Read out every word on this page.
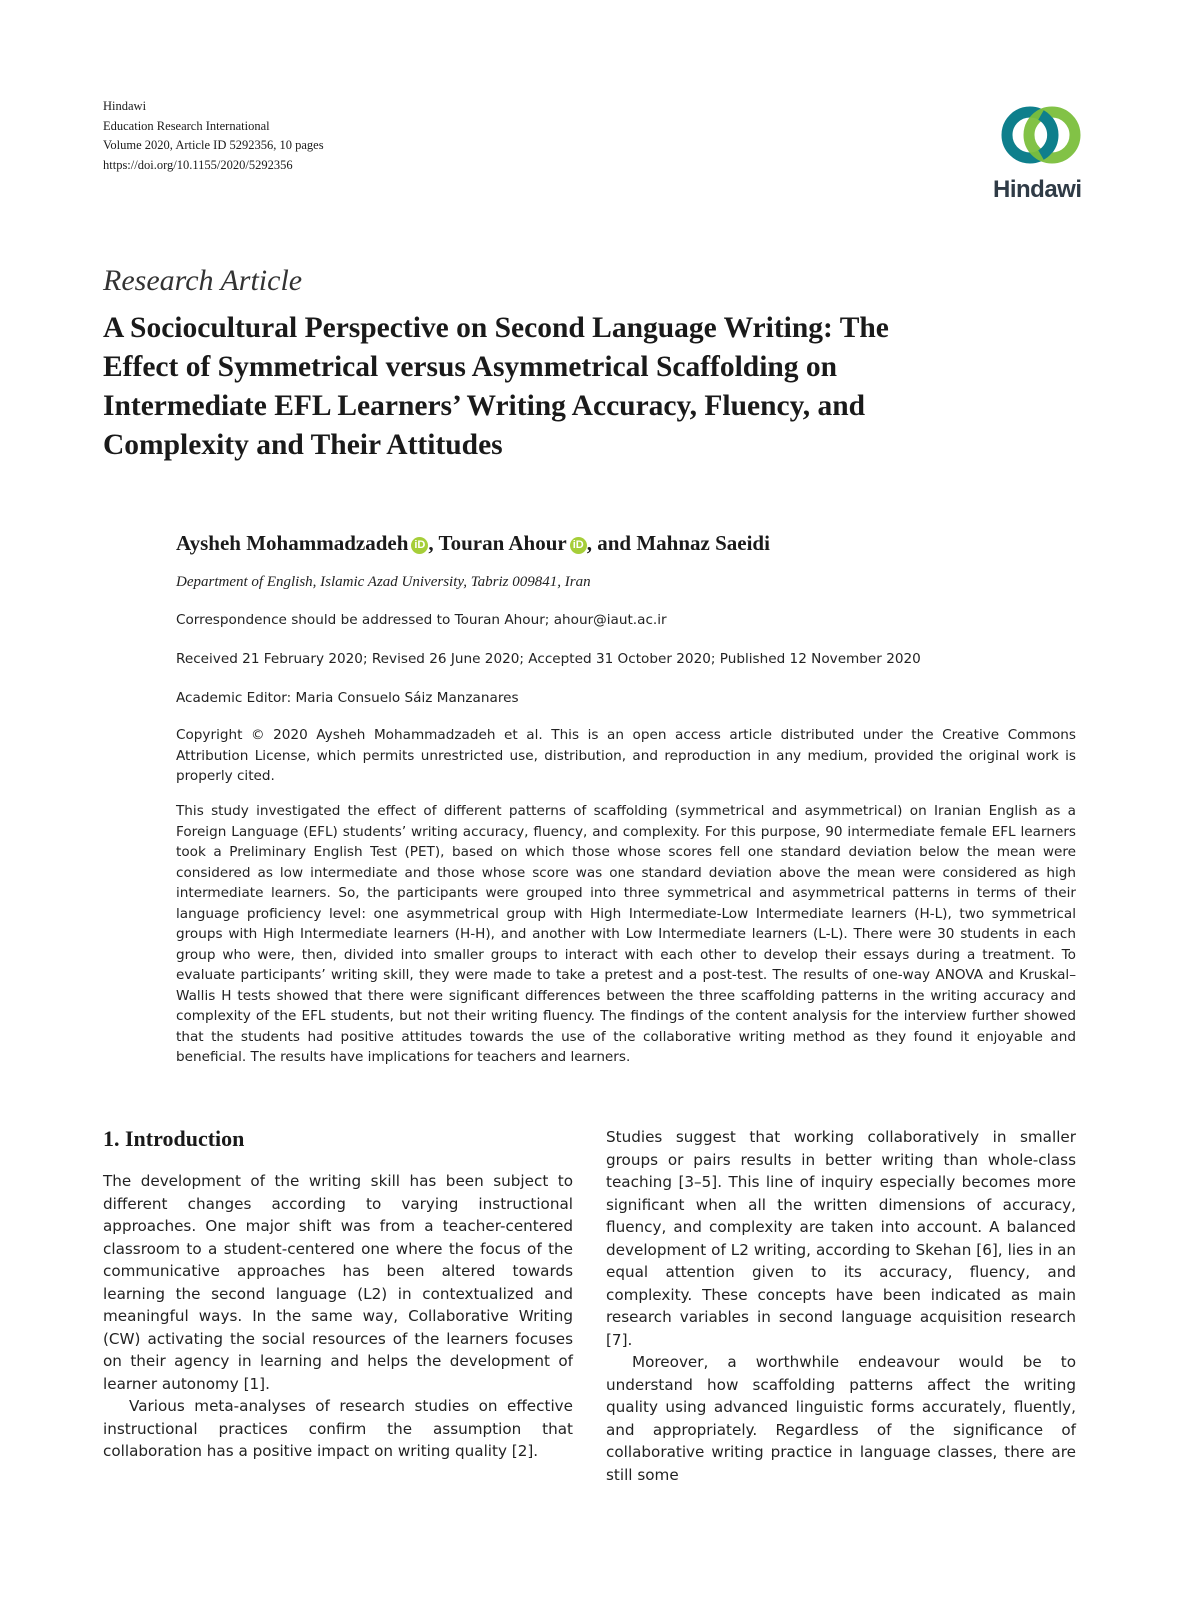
Hindawi
Education Research International
Volume 2020, Article ID 5292356, 10 pages
https://doi.org/10.1155/2020/5292356
Hindawi
Research Article
A Sociocultural Perspective on Second Language Writing: The
Effect of Symmetrical versus Asymmetrical Scaffolding on
Intermediate EFL Learners’ Writing Accuracy, Fluency, and
Complexity and Their Attitudes
Aysheh Mohammadzadeh iD , Touran Ahour iD , and Mahnaz Saeidi
Department of English, Islamic Azad University, Tabriz 009841, Iran
Correspondence should be addressed to Touran Ahour; ahour@iaut.ac.ir
Received 21 February 2020; Revised 26 June 2020; Accepted 31 October 2020; Published 12 November 2020
Academic Editor: Maria Consuelo Sáiz Manzanares

Copyright © 2020 Aysheh Mohammadzadeh et al. This is an open access article distributed under the Creative Commons Attribution License, which permits unrestricted use, distribution, and reproduction in any medium, provided the original work is properly cited.

This study investigated the effect of different patterns of scaffolding (symmetrical and asymmetrical) on Iranian English as a Foreign Language (EFL) students’ writing accuracy, fluency, and complexity. For this purpose, 90 intermediate female EFL learners took a Preliminary English Test (PET), based on which those whose scores fell one standard deviation below the mean were considered as low intermediate and those whose score was one standard deviation above the mean were considered as high intermediate learners. So, the participants were grouped into three symmetrical and asymmetrical patterns in terms of their language proficiency level: one asymmetrical group with High Intermediate-Low Intermediate learners (H-L), two symmetrical groups with High Intermediate learners (H-H), and another with Low Intermediate learners (L-L). There were 30 students in each group who were, then, divided into smaller groups to interact with each other to develop their essays during a treatment. To evaluate participants’ writing skill, they were made to take a pretest and a post-test. The results of one-way ANOVA and Kruskal–Wallis H tests showed that there were significant differences between the three scaffolding patterns in the writing accuracy and complexity of the EFL students, but not their writing fluency. The findings of the content analysis for the interview further showed that the students had positive attitudes towards the use of the collaborative writing method as they found it enjoyable and beneficial. The results have implications for teachers and learners.

1. Introduction

The development of the writing skill has been subject to different changes according to varying instructional approaches. One major shift was from a teacher-centered classroom to a student-centered one where the focus of the communicative approaches has been altered towards learning the second language (L2) in contextualized and meaningful ways. In the same way, Collaborative Writing (CW) activating the social resources of the learners focuses on their agency in learning and helps the development of learner autonomy [1].

Various meta-analyses of research studies on effective instructional practices confirm the assumption that collaboration has a positive impact on writing quality [2].

Studies suggest that working collaboratively in smaller groups or pairs results in better writing than whole-class teaching [3–5]. This line of inquiry especially becomes more significant when all the written dimensions of accuracy, fluency, and complexity are taken into account. A balanced development of L2 writing, according to Skehan [6], lies in an equal attention given to its accuracy, fluency, and complexity. These concepts have been indicated as main research variables in second language acquisition research [7].

Moreover, a worthwhile endeavour would be to understand how scaffolding patterns affect the writing quality using advanced linguistic forms accurately, fluently, and appropriately. Regardless of the significance of collaborative writing practice in language classes, there are still some
